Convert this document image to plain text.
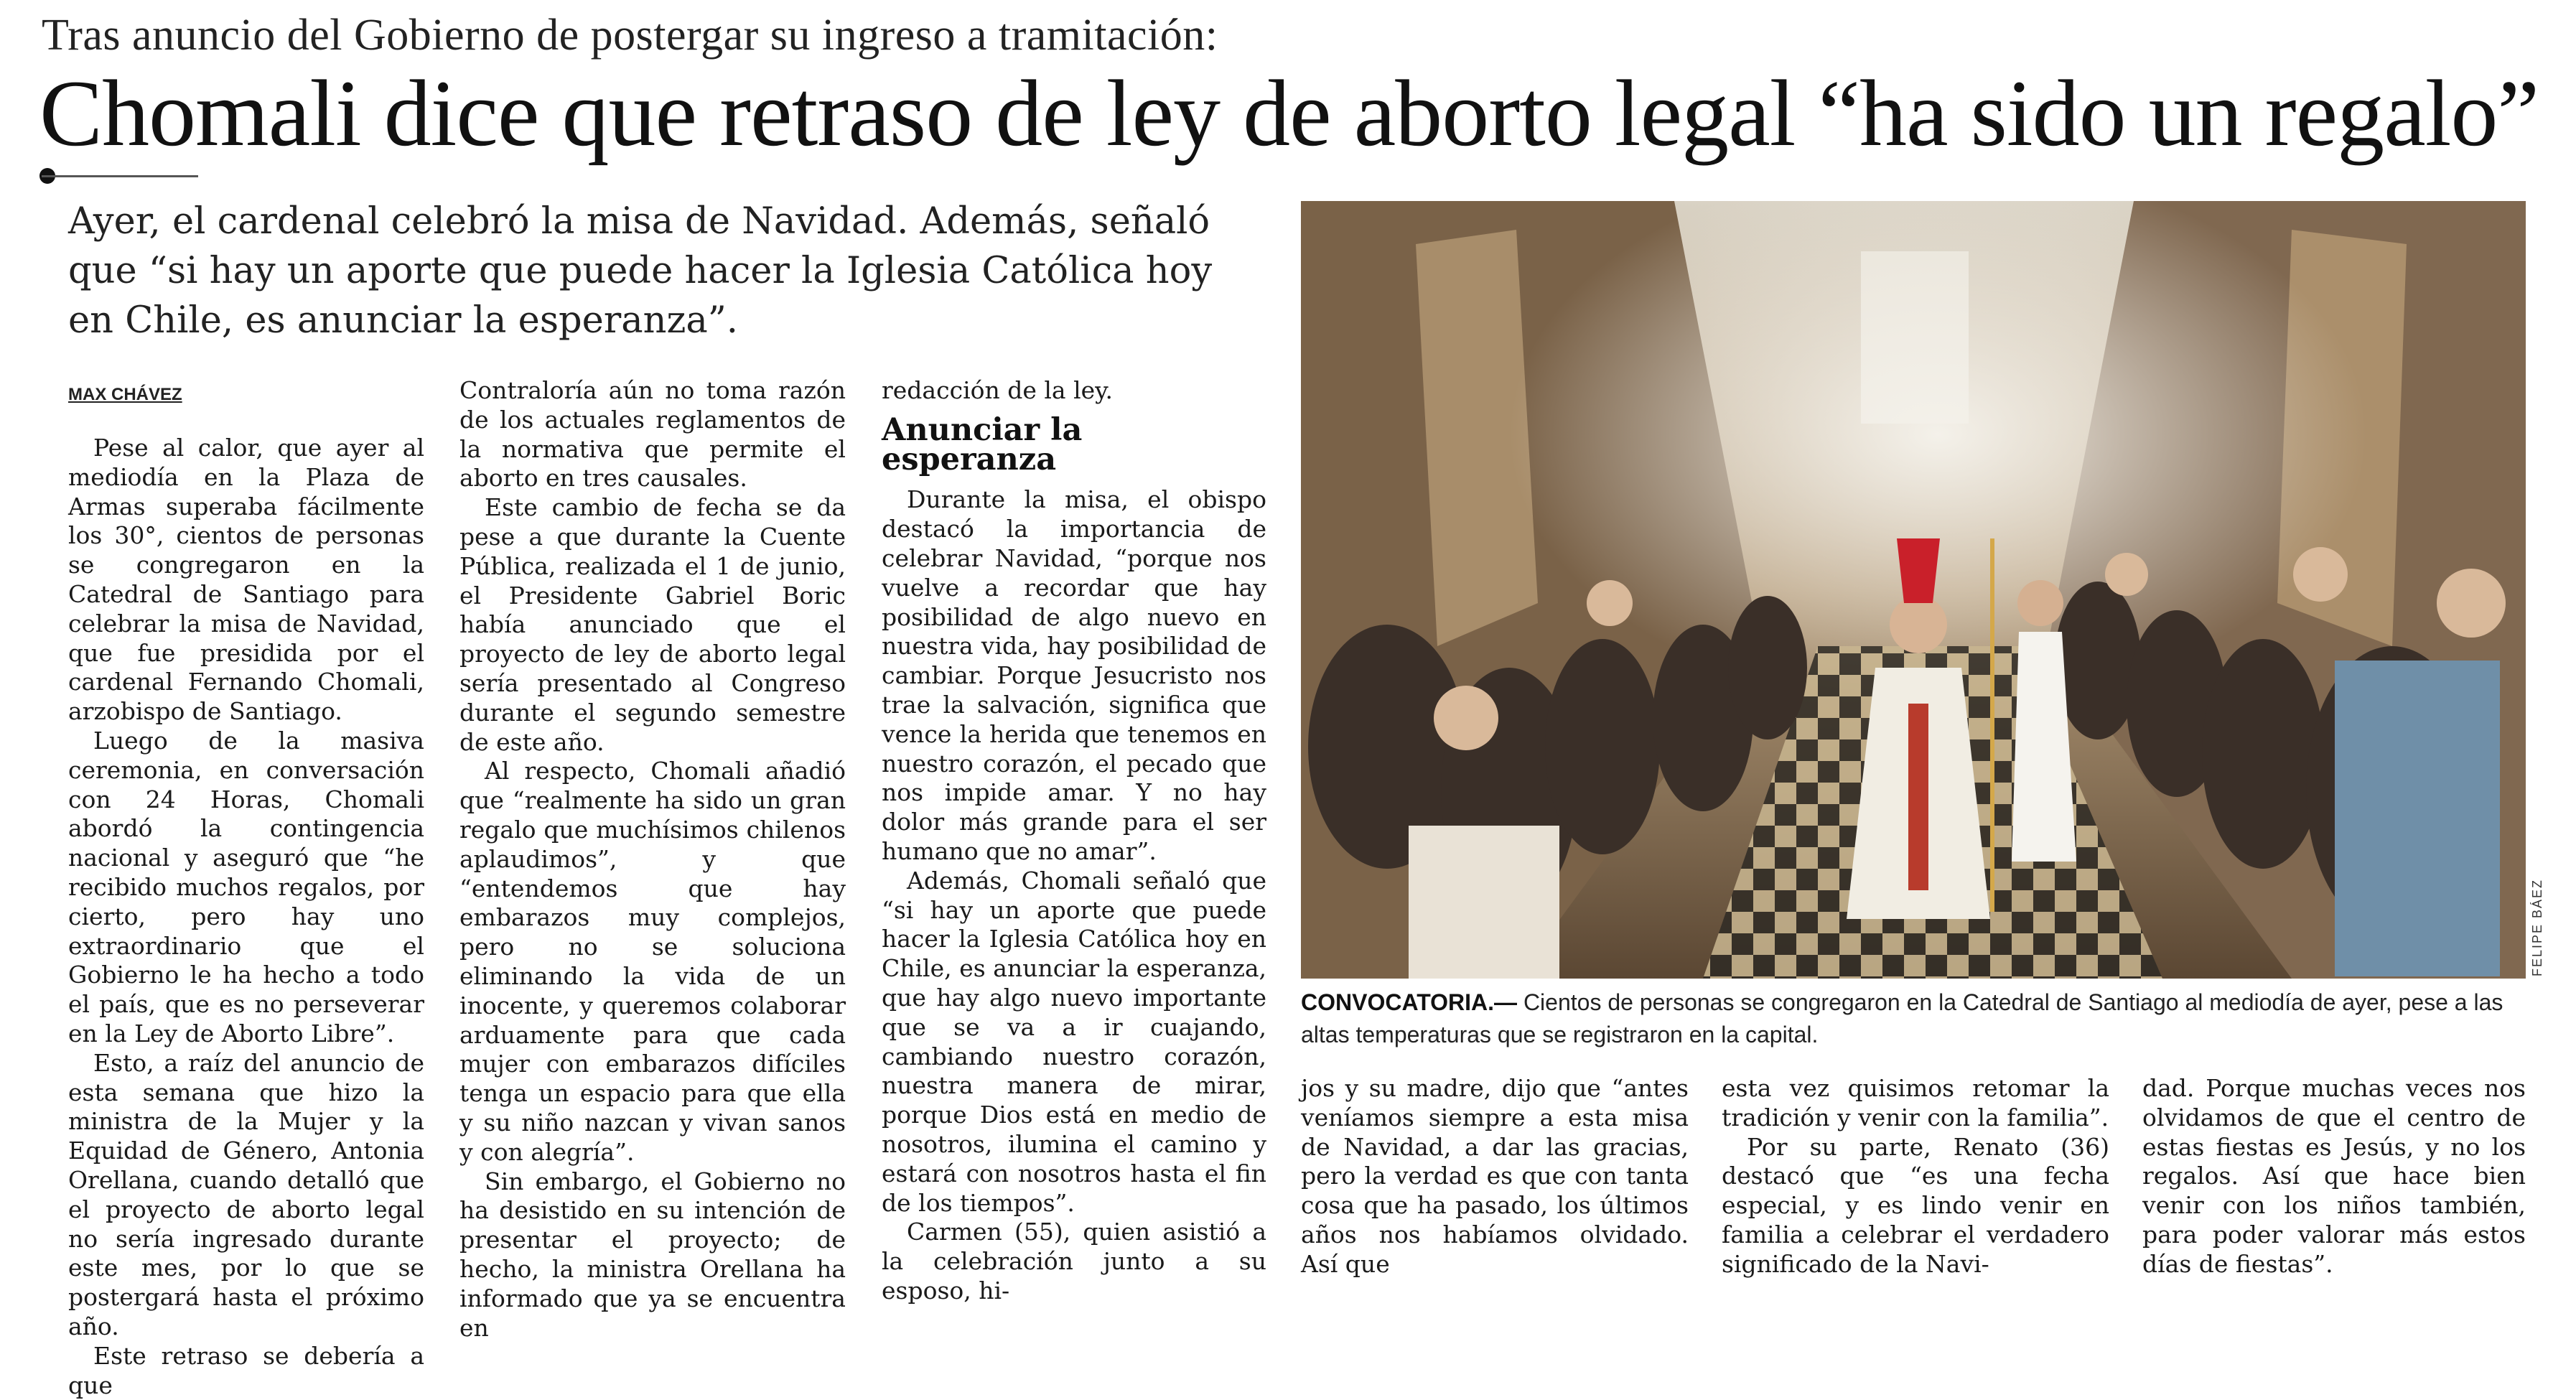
Tras anuncio del Gobierno de postergar su ingreso a tramitación:
Chomali dice que retraso de ley de aborto legal “ha sido un regalo”

Ayer, el cardenal celebró la misa de Navidad. Además, señaló

que “si hay un aporte que puede hacer la Iglesia Católica hoy

en Chile, es anunciar la esperanza”.

MAX CHÁVEZ

Pese al calor, que ayer al mediodía en la Plaza de Armas superaba fácilmente los 30°, cientos de personas se congregaron en la Catedral de Santiago para celebrar la misa de Navidad, que fue presidida por el cardenal Fernando Chomali, arzobispo de Santiago.

Luego de la masiva ceremonia, en conversación con 24 Horas, Chomali abordó la contingencia nacional y aseguró que “he recibido muchos regalos, por cierto, pero hay uno extraordinario que el Gobierno le ha hecho a todo el país, que es no perseverar en la Ley de Aborto Libre”.

Esto, a raíz del anuncio de esta semana que hizo la ministra de la Mujer y la Equidad de Género, Antonia Orellana, cuando detalló que el proyecto de aborto legal no sería ingresado durante este mes, por lo que se postergará hasta el próximo año.

Este retraso se debería a que

Contraloría aún no toma razón de los actuales reglamentos de la normativa que permite el aborto en tres causales.

Este cambio de fecha se da pese a que durante la Cuente Pública, realizada el 1 de junio, el Presidente Gabriel Boric había anunciado que el proyecto de ley de aborto legal sería presentado al Congreso durante el segundo semestre de este año.

Al respecto, Chomali añadió que “realmente ha sido un gran regalo que muchísimos chilenos aplaudimos”, y que “entendemos que hay embarazos muy complejos, pero no se soluciona eliminando la vida de un inocente, y queremos colaborar arduamente para que cada mujer con embarazos difíciles tenga un espacio para que ella y su niño nazcan y vivan sanos y con alegría”.

Sin embargo, el Gobierno no ha desistido en su intención de presentar el proyecto; de hecho, la ministra Orellana ha informado que ya se encuentra en

redacción de la ley.

Anunciar la esperanza

Durante la misa, el obispo destacó la importancia de celebrar Navidad, “porque nos vuelve a recordar que hay posibilidad de algo nuevo en nuestra vida, hay posibilidad de cambiar. Porque Jesucristo nos trae la salvación, significa que vence la herida que tenemos en nuestro corazón, el pecado que nos impide amar. Y no hay dolor más grande para el ser humano que no amar”.

Además, Chomali señaló que “si hay un aporte que puede hacer la Iglesia Católica hoy en Chile, es anunciar la esperanza, que hay algo nuevo importante que se va a ir cuajando, cambiando nuestro corazón, nuestra manera de mirar, porque Dios está en medio de nosotros, ilumina el camino y estará con nosotros hasta el fin de los tiempos”.

Carmen (55), quien asistió a la celebración junto a su esposo, hi-

FELIPE BÁEZ
CONVOCATORIA.— Cientos de personas se congregaron en la Catedral de Santiago al mediodía de ayer, pese a las altas temperaturas que se registraron en la capital.

jos y su madre, dijo que “antes veníamos siempre a esta misa de Navidad, a dar las gracias, pero la verdad es que con tanta cosa que ha pasado, los últimos años nos habíamos olvidado. Así que

esta vez quisimos retomar la tradición y venir con la familia”.

Por su parte, Renato (36) destacó que “es una fecha especial, y es lindo venir en familia a celebrar el verdadero significado de la Navi-

dad. Porque muchas veces nos olvidamos de que el centro de estas fiestas es Jesús, y no los regalos. Así que hace bien venir con los niños también, para poder valorar más estos días de fiestas”.
